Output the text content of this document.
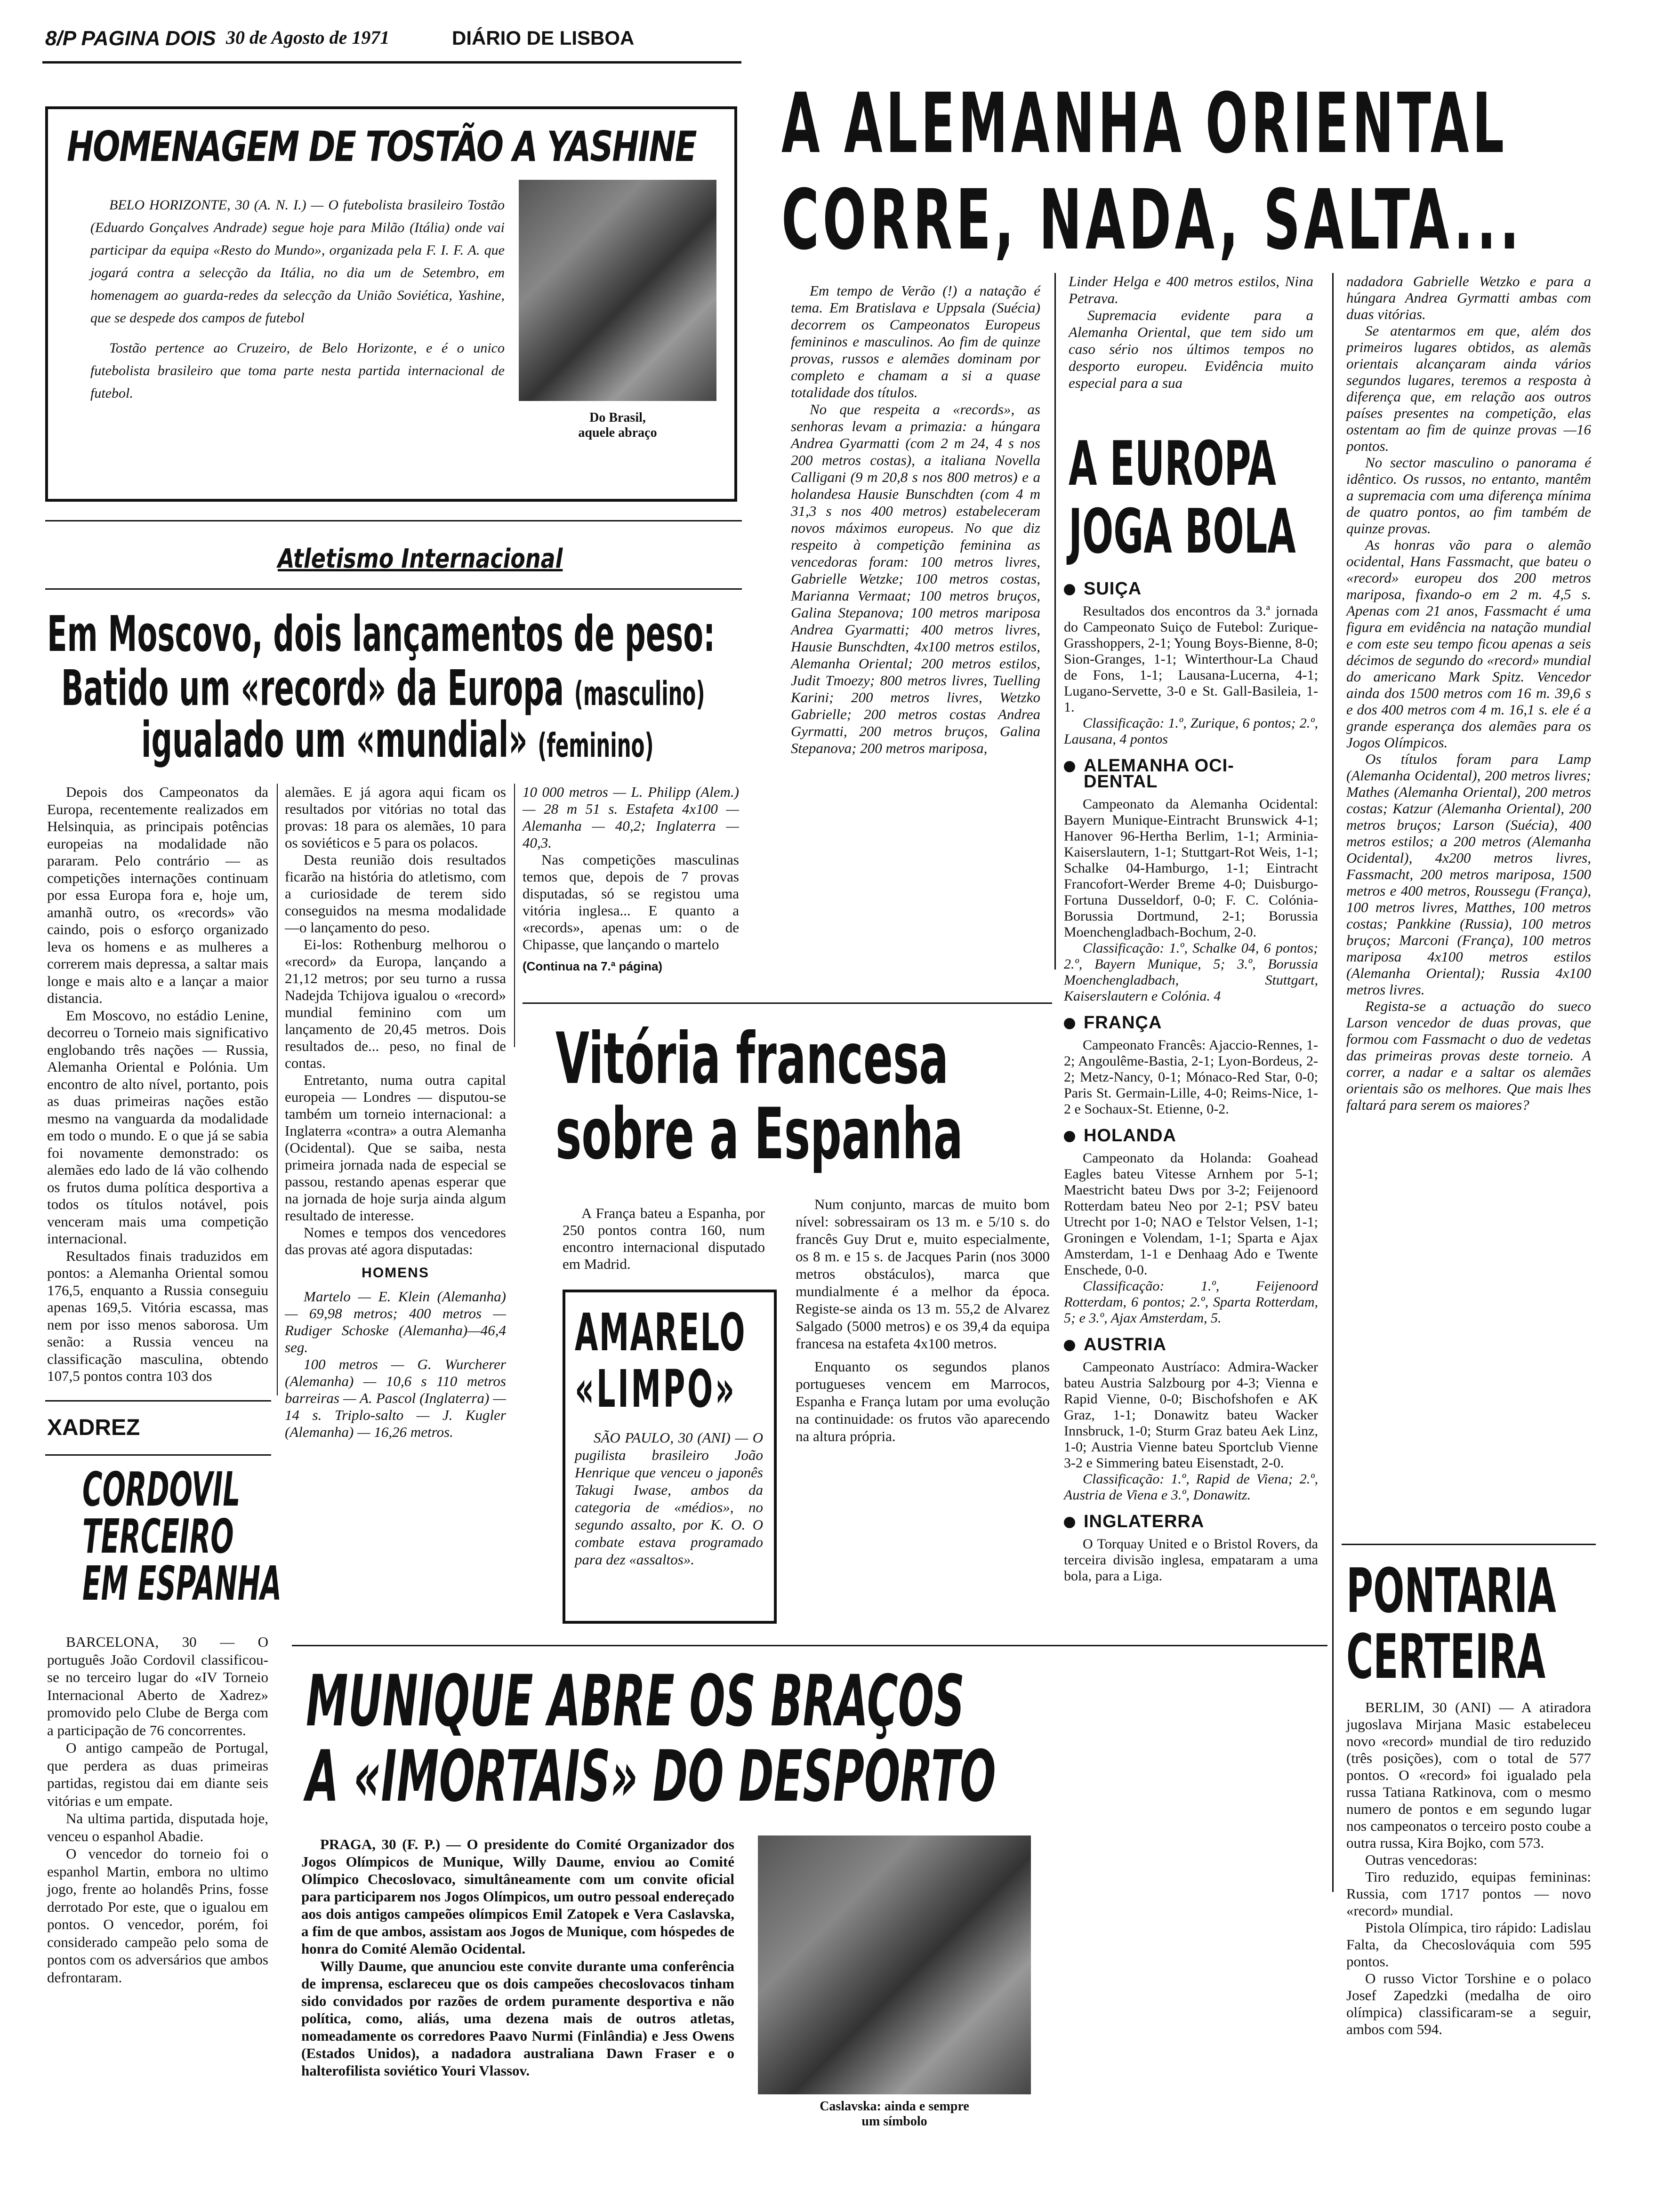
8/P PAGINA DOIS 30 de Agosto de 1971	DIÁRIO DE LISBOA
HOMENAGEM DE TOSTÃO A YASHINE

BELO HORIZONTE, 30 (A. N. I.) — O futebolista brasileiro Tostão (Eduardo Gonçalves Andrade) segue hoje para Milão (Itália) onde vai participar da equipa «Resto do Mundo», organizada pela F. I. F. A. que jogará contra a selecção da Itália, no dia um de Setembro, em homenagem ao guarda-redes da selecção da União Soviética, Yashine, que se despede dos campos de futebol

Tostão pertence ao Cruzeiro, de Belo Horizonte, e é o unico futebolista brasileiro que toma parte nesta partida internacional de futebol.

Do Brasil,
aquele abraço
A ALEMANHA ORIENTAL
CORRE, NADA, SALTA...

Em tempo de Verão (!) a natação é tema. Em Bratislava e Uppsala (Suécia) decorrem os Campeonatos Europeus femininos e masculinos. Ao fim de quinze provas, russos e alemães dominam por completo e chamam a si a quase totalidade dos títulos.

No que respeita a «records», as senhoras levam a primazia: a húngara Andrea Gyarmatti (com 2 m 24, 4 s nos 200 metros costas), a italiana Novella Calligani (9 m 20,8 s nos 800 metros) e a holandesa Hausie Bunschdten (com 4 m 31,3 s nos 400 metros) estabeleceram novos máximos europeus. No que diz respeito à competição feminina as vencedoras foram: 100 metros livres, Gabrielle Wetzke; 100 metros costas, Marianna Vermaat; 100 metros bruços, Galina Stepanova; 100 metros mariposa Andrea Gyarmatti; 400 metros livres, Hausie Bunschdten, 4x100 metros estilos, Alemanha Oriental; 200 metros estilos, Judit Tmoezy; 800 metros livres, Tuelling Karini; 200 metros livres, Wetzko Gabrielle; 200 metros costas Andrea Gyrmatti, 200 metros bruços, Galina Stepanova; 200 metros mariposa,

Linder Helga e 400 metros estilos, Nina Petrava.

Supremacia evidente para a Alemanha Oriental, que tem sido um caso sério nos últimos tempos no desporto europeu. Evidência muito especial para a sua

nadadora Gabrielle Wetzko e para a húngara Andrea Gyrmatti ambas com duas vitórias.

Se atentarmos em que, além dos primeiros lugares obtidos, as alemãs orientais alcançaram ainda vários segundos lugares, teremos a resposta à diferença que, em relação aos outros países presentes na competição, elas ostentam ao fim de quinze provas —16 pontos.

No sector masculino o panorama é idêntico. Os russos, no entanto, mantêm a supremacia com uma diferença mínima de quatro pontos, ao fim também de quinze provas.

As honras vão para o alemão ocidental, Hans Fassmacht, que bateu o «record» europeu dos 200 metros mariposa, fixando-o em 2 m. 4,5 s. Apenas com 21 anos, Fassmacht é uma figura em evidência na natação mundial e com este seu tempo ficou apenas a seis décimos de segundo do «record» mundial do americano Mark Spitz. Vencedor ainda dos 1500 metros com 16 m. 39,6 s e dos 400 metros com 4 m. 16,1 s. ele é a grande esperança dos alemães para os Jogos Olímpicos.

Os títulos foram para Lamp (Alemanha Ocidental), 200 metros livres; Mathes (Alemanha Oriental), 200 metros costas; Katzur (Alemanha Oriental), 200 metros bruços; Larson (Suécia), 400 metros estilos; a 200 metros (Alemanha Ocidental), 4x200 metros livres, Fassmacht, 200 metros mariposa, 1500 metros e 400 metros, Roussegu (França), 100 metros livres, Matthes, 100 metros costas; Pankkine (Russia), 100 metros bruços; Marconi (França), 100 metros mariposa 4x100 metros estilos (Alemanha Oriental); Russia 4x100 metros livres.

Regista-se a actuação do sueco Larson vencedor de duas provas, que formou com Fassmacht o duo de vedetas das primeiras provas deste torneio. A correr, a nadar e a saltar os alemães orientais são os melhores. Que mais lhes faltará para serem os maiores?

A EUROPA
JOGA BOLA
SUIÇA

Resultados dos encontros da 3.ª jornada do Campeonato Suiço de Futebol: Zurique-Grasshoppers, 2-1; Young Boys-Bienne, 8-0; Sion-Granges, 1-1; Winterthour-La Chaud de Fons, 1-1; Lausana-Lucerna, 4-1; Lugano-Servette, 3-0 e St. Gall-Basileia, 1-1.

Classificação: 1.º, Zurique, 6 pontos; 2.º, Lausana, 4 pontos

ALEMANHA OCI-
DENTAL

Campeonato da Alemanha Ocidental: Bayern Munique-Eintracht Brunswick 4-1; Hanover 96-Hertha Berlim, 1-1; Arminia-Kaiserslautern, 1-1; Stuttgart-Rot Weis, 1-1; Schalke 04-Hamburgo, 1-1; Eintracht Francofort-Werder Breme 4-0; Duisburgo-Fortuna Dusseldorf, 0-0; F. C. Colónia-Borussia Dortmund, 2-1; Borussia Moenchengladbach-Bochum, 2-0.

Classificação: 1.º, Schalke 04, 6 pontos; 2.º, Bayern Munique, 5; 3.º, Borussia Moenchengladbach, Stuttgart, Kaiserslautern e Colónia. 4

FRANÇA

Campeonato Francês: Ajaccio-Rennes, 1-2; Angoulême-Bastia, 2-1; Lyon-Bordeus, 2-2; Metz-Nancy, 0-1; Mónaco-Red Star, 0-0; Paris St. Germain-Lille, 4-0; Reims-Nice, 1-2 e Sochaux-St. Etienne, 0-2.

HOLANDA

Campeonato da Holanda: Goahead Eagles bateu Vitesse Arnhem por 5-1; Maestricht bateu Dws por 3-2; Feijenoord Rotterdam bateu Neo por 2-1; PSV bateu Utrecht por 1-0; NAO e Telstor Velsen, 1-1; Groningen e Volendam, 1-1; Sparta e Ajax Amsterdam, 1-1 e Denhaag Ado e Twente Enschede, 0-0.

Classificação: 1.º, Feijenoord Rotterdam, 6 pontos; 2.º, Sparta Rotterdam, 5; e 3.º, Ajax Amsterdam, 5.

AUSTRIA

Campeonato Austríaco: Admira-Wacker bateu Austria Salzbourg por 4-3; Vienna e Rapid Vienne, 0-0; Bischofshofen e AK Graz, 1-1; Donawitz bateu Wacker Innsbruck, 1-0; Sturm Graz bateu Aek Linz, 1-0; Austria Vienne bateu Sportclub Vienne 3-2 e Simmering bateu Eisenstadt, 2-0.

Classificação: 1.º, Rapid de Viena; 2.º, Austria de Viena e 3.º, Donawitz.

INGLATERRA

O Torquay United e o Bristol Rovers, da terceira divisão inglesa, empataram a uma bola, para a Liga.

Atletismo Internacional
Em Moscovo, dois lançamentos de peso:
Batido um «record» da Europa (masculino)
igualado um «mundial» (feminino)

Depois dos Campeonatos da Europa, recentemente realizados em Helsinquia, as principais potências europeias na modalidade não pararam. Pelo contrário — as competições internações continuam por essa Europa fora e, hoje um, amanhã outro, os «records» vão caindo, pois o esforço organizado leva os homens e as mulheres a correrem mais depressa, a saltar mais longe e mais alto e a lançar a maior distancia.

Em Moscovo, no estádio Lenine, decorreu o Torneio mais significativo englobando três nações — Russia, Alemanha Oriental e Polónia. Um encontro de alto nível, portanto, pois as duas primeiras nações estão mesmo na vanguarda da modalidade em todo o mundo. E o que já se sabia foi novamente demonstrado: os alemães edo lado de lá vão colhendo os frutos duma política desportiva a todos os títulos notável, pois venceram mais uma competição internacional.

Resultados finais traduzidos em pontos: a Alemanha Oriental somou 176,5, enquanto a Russia conseguiu apenas 169,5. Vitória escassa, mas nem por isso menos saborosa. Um senão: a Russia venceu na classificação masculina, obtendo 107,5 pontos contra 103 dos

alemães. E já agora aqui ficam os resultados por vitórias no total das provas: 18 para os alemães, 10 para os soviéticos e 5 para os polacos.

Desta reunião dois resultados ficarão na história do atletismo, com a curiosidade de terem sido conseguidos na mesma modalidade —o lançamento do peso.

Ei-los: Rothenburg melhorou o «record» da Europa, lançando a 21,12 metros; por seu turno a russa Nadejda Tchijova igualou o «record» mundial feminino com um lançamento de 20,45 metros. Dois resultados de... peso, no final de contas.

Entretanto, numa outra capital europeia — Londres — disputou-se também um torneio internacional: a Inglaterra «contra» a outra Alemanha (Ocidental). Que se saiba, nesta primeira jornada nada de especial se passou, restando apenas esperar que na jornada de hoje surja ainda algum resultado de interesse.

Nomes e tempos dos vencedores das provas até agora disputadas:

HOMENS

Martelo — E. Klein (Alemanha) — 69,98 metros; 400 metros — Rudiger Schoske (Alemanha)—46,4 seg.

100 metros — G. Wurcherer (Alemanha) — 10,6 s 110 metros barreiras — A. Pascol (Inglaterra) — 14 s. Triplo-salto — J. Kugler (Alemanha) — 16,26 metros.

10 000 metros — L. Philipp (Alem.) — 28 m 51 s. Estafeta 4x100 — Alemanha — 40,2; Inglaterra — 40,3.

Nas competições masculinas temos que, depois de 7 provas disputadas, só se registou uma vitória inglesa... E quanto a «records», apenas um: o de Chipasse, que lançando o martelo

(Continua na 7.ª página)

Vitória francesa
sobre a Espanha

A França bateu a Espanha, por 250 pontos contra 160, num encontro internacional disputado em Madrid.

Num conjunto, marcas de muito bom nível: sobressairam os 13 m. e 5/10 s. do francês Guy Drut e, muito especialmente, os 8 m. e 15 s. de Jacques Parin (nos 3000 metros obstáculos), marca que mundialmente é a melhor da época. Registe-se ainda os 13 m. 55,2 de Alvarez Salgado (5000 metros) e os 39,4 da equipa francesa na estafeta 4x100 metros.

Enquanto os segundos planos portugueses vencem em Marrocos, Espanha e França lutam por uma evolução na continuidade: os frutos vão aparecendo na altura própria.

AMARELO
«LIMPO»

SÃO PAULO, 30 (ANI) — O pugilista brasileiro João Henrique que venceu o japonês Takugi Iwase, ambos da categoria de «médios», no segundo assalto, por K. O. O combate estava programado para dez «assaltos».

XADREZ
CORDOVIL
TERCEIRO
EM ESPANHA

BARCELONA, 30 — O português João Cordovil classificou-se no terceiro lugar do «IV Torneio Internacional Aberto de Xadrez» promovido pelo Clube de Berga com a participação de 76 concorrentes.

O antigo campeão de Portugal, que perdera as duas primeiras partidas, registou dai em diante seis vitórias e um empate.

Na ultima partida, disputada hoje, venceu o espanhol Abadie.

O vencedor do torneio foi o espanhol Martin, embora no ultimo jogo, frente ao holandês Prins, fosse derrotado Por este, que o igualou em pontos. O vencedor, porém, foi considerado campeão pelo soma de pontos com os adversários que ambos defrontaram.

MUNIQUE ABRE OS BRAÇOS
A «IMORTAIS» DO DESPORTO

PRAGA, 30 (F. P.) — O presidente do Comité Organizador dos Jogos Olímpicos de Munique, Willy Daume, enviou ao Comité Olímpico Checoslovaco, simultâneamente com um convite oficial para participarem nos Jogos Olímpicos, um outro pessoal endereçado aos dois antigos campeões olímpicos Emil Zatopek e Vera Caslavska, a fim de que ambos, assistam aos Jogos de Munique, com hóspedes de honra do Comité Alemão Ocidental.

Willy Daume, que anunciou este convite durante uma conferência de imprensa, esclareceu que os dois campeões checoslovacos tinham sido convidados por razões de ordem puramente desportiva e não política, como, aliás, uma dezena mais de outros atletas, nomeadamente os corredores Paavo Nurmi (Finlândia) e Jess Owens (Estados Unidos), a nadadora australiana Dawn Fraser e o halterofilista soviético Youri Vlassov.

Caslavska: ainda e sempre
um símbolo
PONTARIA
CERTEIRA

BERLIM, 30 (ANI) — A atiradora jugoslava Mirjana Masic estabeleceu novo «record» mundial de tiro reduzido (três posições), com o total de 577 pontos. O «record» foi igualado pela russa Tatiana Ratkinova, com o mesmo numero de pontos e em segundo lugar nos campeonatos o terceiro posto coube a outra russa, Kira Bojko, com 573.

Outras vencedoras:

Tiro reduzido, equipas femininas: Russia, com 1717 pontos — novo «record» mundial.

Pistola Olímpica, tiro rápido: Ladislau Falta, da Checoslováquia com 595 pontos.

O russo Victor Torshine e o polaco Josef Zapedzki (medalha de oiro olímpica) classificaram-se a seguir, ambos com 594.
